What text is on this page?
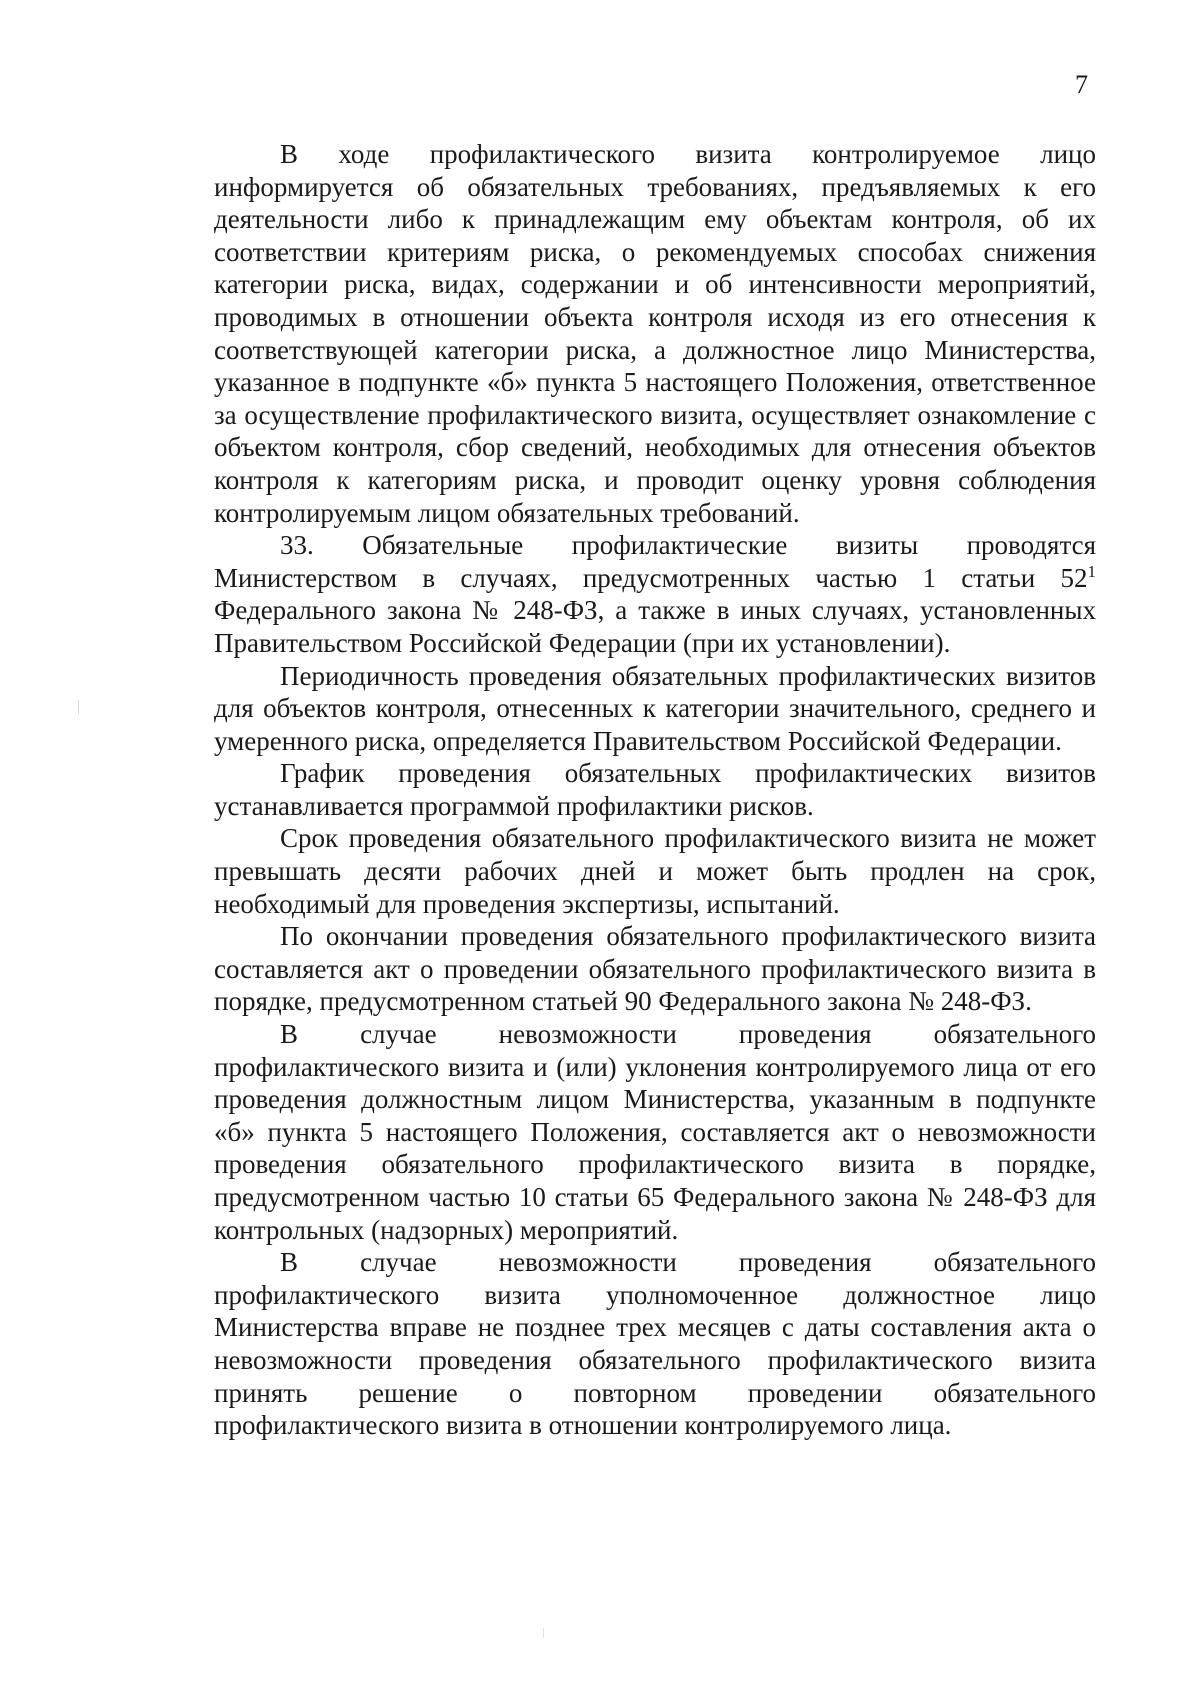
7

В ходе профилактического визита контролируемое лицо информируется об обязательных требованиях, предъявляемых к его деятельности либо к принадлежащим ему объектам контроля, об их соответствии критериям риска, о рекомендуемых способах снижения категории риска, видах, содержании и об интенсивности мероприятий, проводимых в отношении объекта контроля исходя из его отнесения к соответствующей категории риска, а должностное лицо Министерства, указанное в подпункте «б» пункта 5 настоящего Положения, ответственное за осуществление профилактического визита, осуществляет ознакомление с объектом контроля, сбор сведений, необходимых для отнесения объектов контроля к категориям риска, и проводит оценку уровня соблюдения контролируемым лицом обязательных требований.

33. Обязательные профилактические визиты проводятся Министерством в случаях, предусмотренных частью 1 статьи $52^1$ Федерального закона № 248-ФЗ, а также в иных случаях, установленных Правительством Российской Федерации (при их установлении).

Периодичность проведения обязательных профилактических визитов для объектов контроля, отнесенных к категории значительного, среднего и умеренного риска, определяется Правительством Российской Федерации.

График проведения обязательных профилактических визитов устанавливается программой профилактики рисков.

Срок проведения обязательного профилактического визита не может превышать десяти рабочих дней и может быть продлен на срок, необходимый для проведения экспертизы, испытаний.

По окончании проведения обязательного профилактического визита составляется акт о проведении обязательного профилактического визита в порядке, предусмотренном статьей 90 Федерального закона № 248-ФЗ.

В случае невозможности проведения обязательного профилактического визита и (или) уклонения контролируемого лица от его проведения должностным лицом Министерства, указанным в подпункте «б» пункта 5 настоящего Положения, составляется акт о невозможности проведения обязательного профилактического визита в порядке, предусмотренном частью 10 статьи 65 Федерального закона № 248-ФЗ для контрольных (надзорных) мероприятий.

В случае невозможности проведения обязательного профилактического визита уполномоченное должностное лицо Министерства вправе не позднее трех месяцев с даты составления акта о невозможности проведения обязательного профилактического визита принять решение о повторном проведении обязательного профилактического визита в отношении контролируемого лица.
